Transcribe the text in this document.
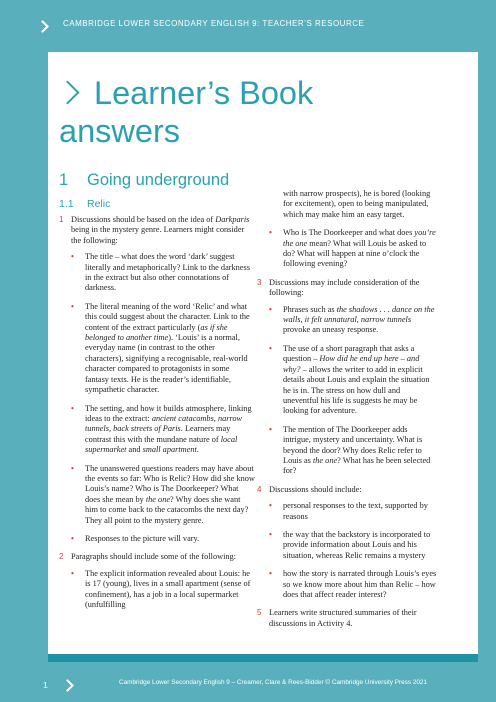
CAMBRIDGE LOWER SECONDARY ENGLISH 9: TEACHER’S RESOURCE
Learner’s Book
answers
1 Going underground
1.1 Relic
1 Discussions should be based on the idea of Darkparis being in the mystery genre. Learners might consider the following:
• The title – what does the word ‘dark’ suggest literally and metaphorically? Link to the darkness in the extract but also other connotations of darkness.
• The literal meaning of the word ‘Relic’ and what this could suggest about the character. Link to the content of the extract particularly (as if she belonged to another time). ‘Louis’ is a normal, everyday name (in contrast to the other characters), signifying a recognisable, real-world character compared to protagonists in some fantasy texts. He is the reader’s identifiable, sympathetic character.
• The setting, and how it builds atmosphere, linking ideas to the extract: ancient catacombs, narrow tunnels, back streets of Paris. Learners may contrast this with the mundane nature of local supermarket and small apartment.
• The unanswered questions readers may have about the events so far: Who is Relic? How did she know Louis’s name? Who is The Doorkeeper? What does she mean by the one? Why does she want him to come back to the catacombs the next day? They all point to the mystery genre.
• Responses to the picture will vary.
2 Paragraphs should include some of the following:
• The explicit information revealed about Louis: he is 17 (young), lives in a small apartment (sense of confinement), has a job in a local supermarket (unfulfilling
with narrow prospects), he is bored (looking for excitement), open to being manipulated, which may make him an easy target.
• Who is The Doorkeeper and what does you’re the one mean? What will Louis be asked to do? What will happen at nine o’clock the following evening?
3 Discussions may include consideration of the following:
• Phrases such as the shadows . . . dance on the walls, it felt unnatural, narrow tunnels provoke an uneasy response.
• The use of a short paragraph that asks a question – How did he end up here – and why? – allows the writer to add in explicit details about Louis and explain the situation he is in. The stress on how dull and uneventful his life is suggests he may be looking for adventure.
• The mention of The Doorkeeper adds intrigue, mystery and uncertainty. What is beyond the door? Why does Relic refer to Louis as the one? What has he been selected for?
4 Discussions should include:
• personal responses to the text, supported by reasons
• the way that the backstory is incorporated to provide information about Louis and his situation, whereas Relic remains a mystery
• how the story is narrated through Louis’s eyes so we know more about him than Relic – how does that affect reader interest?
5 Learners write structured summaries of their discussions in Activity 4.
1	Cambridge Lower Secondary English 9 – Creamer, Clare & Rees-Bidder © Cambridge University Press 2021
